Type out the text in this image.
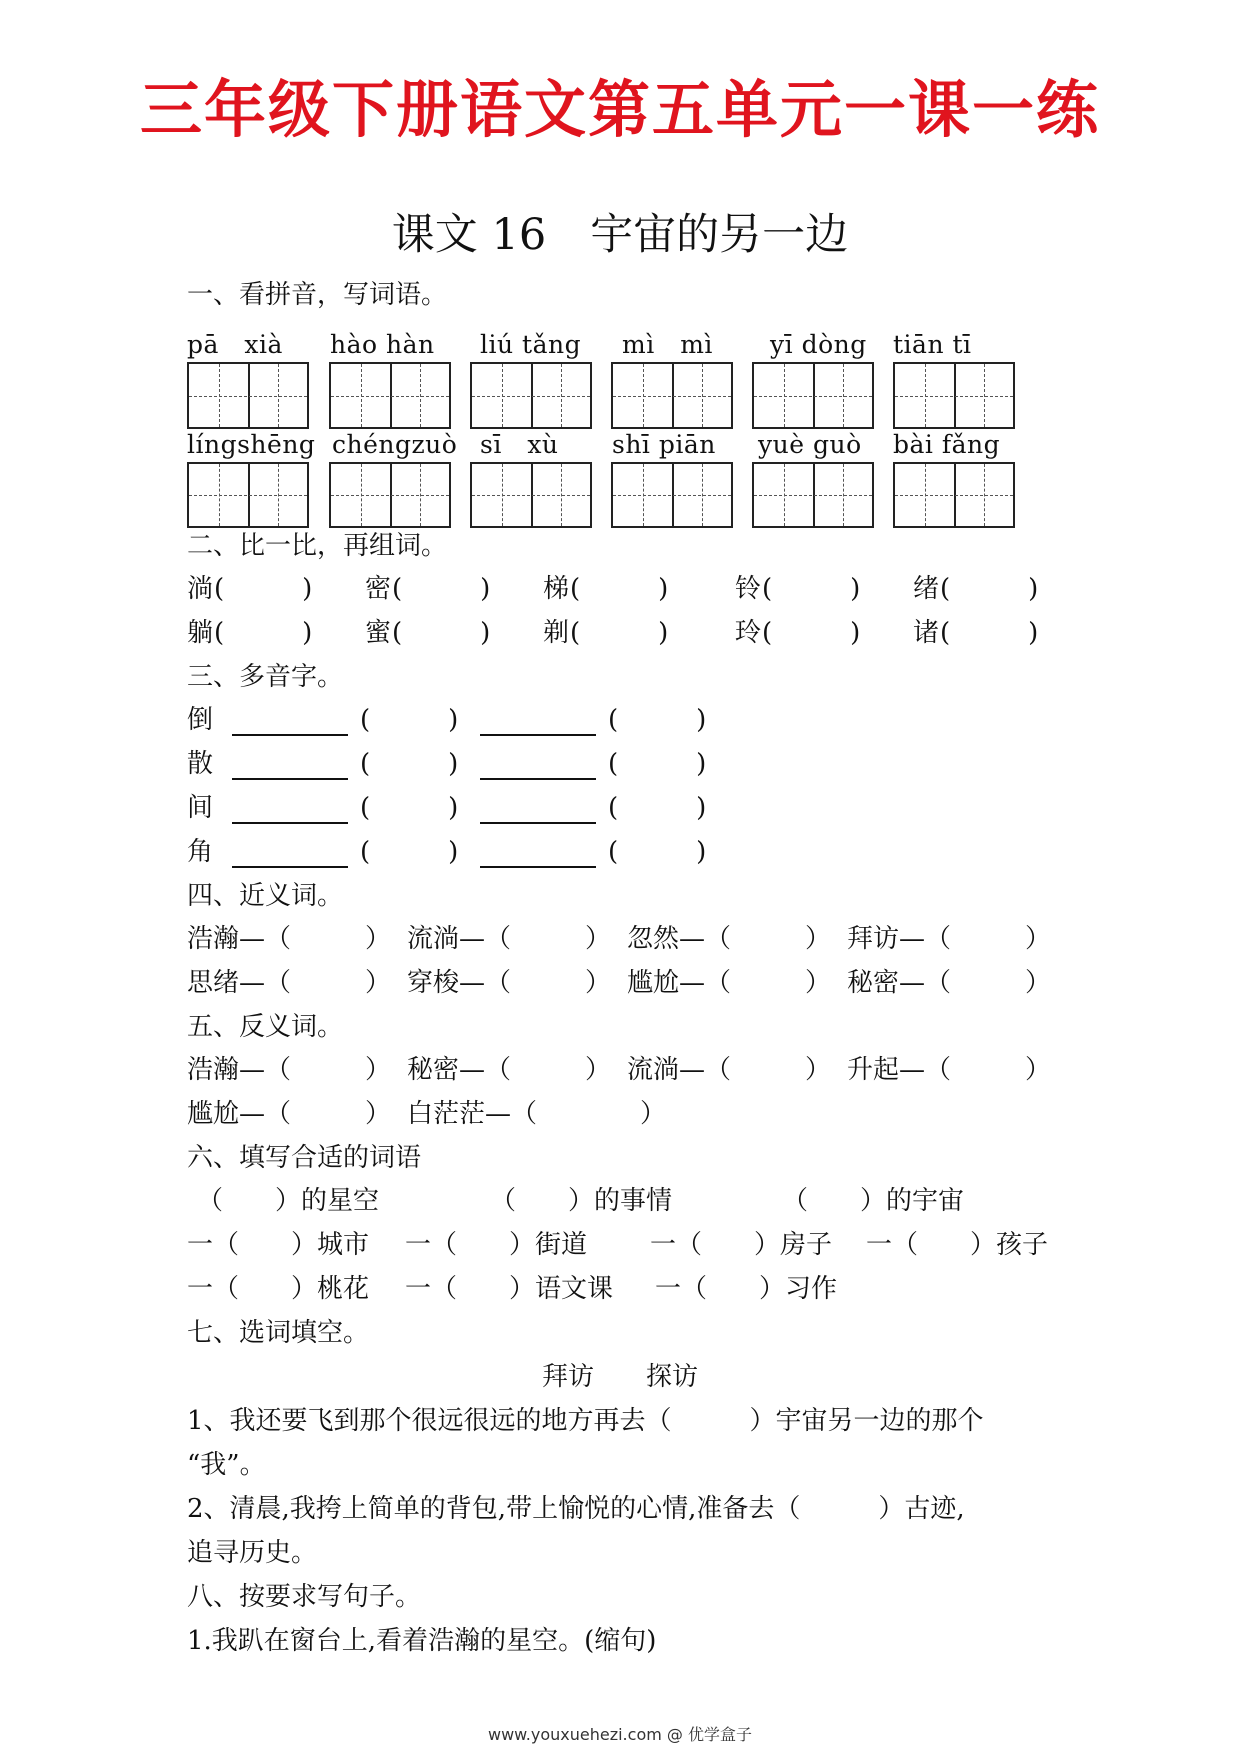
三年级下册语文第五单元一课一练
课文 16 宇宙的另一边
一、看拼音，写词语。
pā　xià hào hàn liú tǎng mì　mì yī dòng tiān tī
língshēng chéngzuò sī　xù shī piān yuè guò bài fǎng
二、比一比，再组词。
淌 (　　　) 密 (　　　) 梯 (　　　)	铃 (　　　) 绪 (　　　)
躺 (　　　) 蜜 (　　　) 剃 (　　　)	玲 (　　　) 诸 (　　　)
三、多音字。
倒	(　　　)	(　　　)
散	(　　　)	(　　　)
间	(　　　)	(　　　)
角	(　　　)	(　　　)
四、近义词。
浩瀚—（	） 流淌—（	） 忽然—（	） 拜访—（	）
思绪—（	） 穿梭—（	） 尴尬—（	） 秘密—（	）
五、反义词。
浩瀚—（	） 秘密—（	） 流淌—（	） 升起—（	）
尴尬—（	） 白茫茫—（	）
六、填写合适的词语
（　　）的星空	（　　）的事情	（　　）的宇宙
一（　　）城市 一（　　）街道 一（　　）房子 一（　　）孩子
一（　　）桃花 一（　　）语文课 一（　　）习作
七、选词填空。
拜访　　探访
1、我还要飞到那个很远很远的地方再去（　　　）宇宙另一边的那个
“我”。
2、清晨,我挎上简单的背包,带上愉悦的心情,准备去（　　　）古迹,
追寻历史。
八、按要求写句子。
1.我趴在窗台上,看着浩瀚的星空。(缩句)
www.youxuehezi.com @ 优学盒子
